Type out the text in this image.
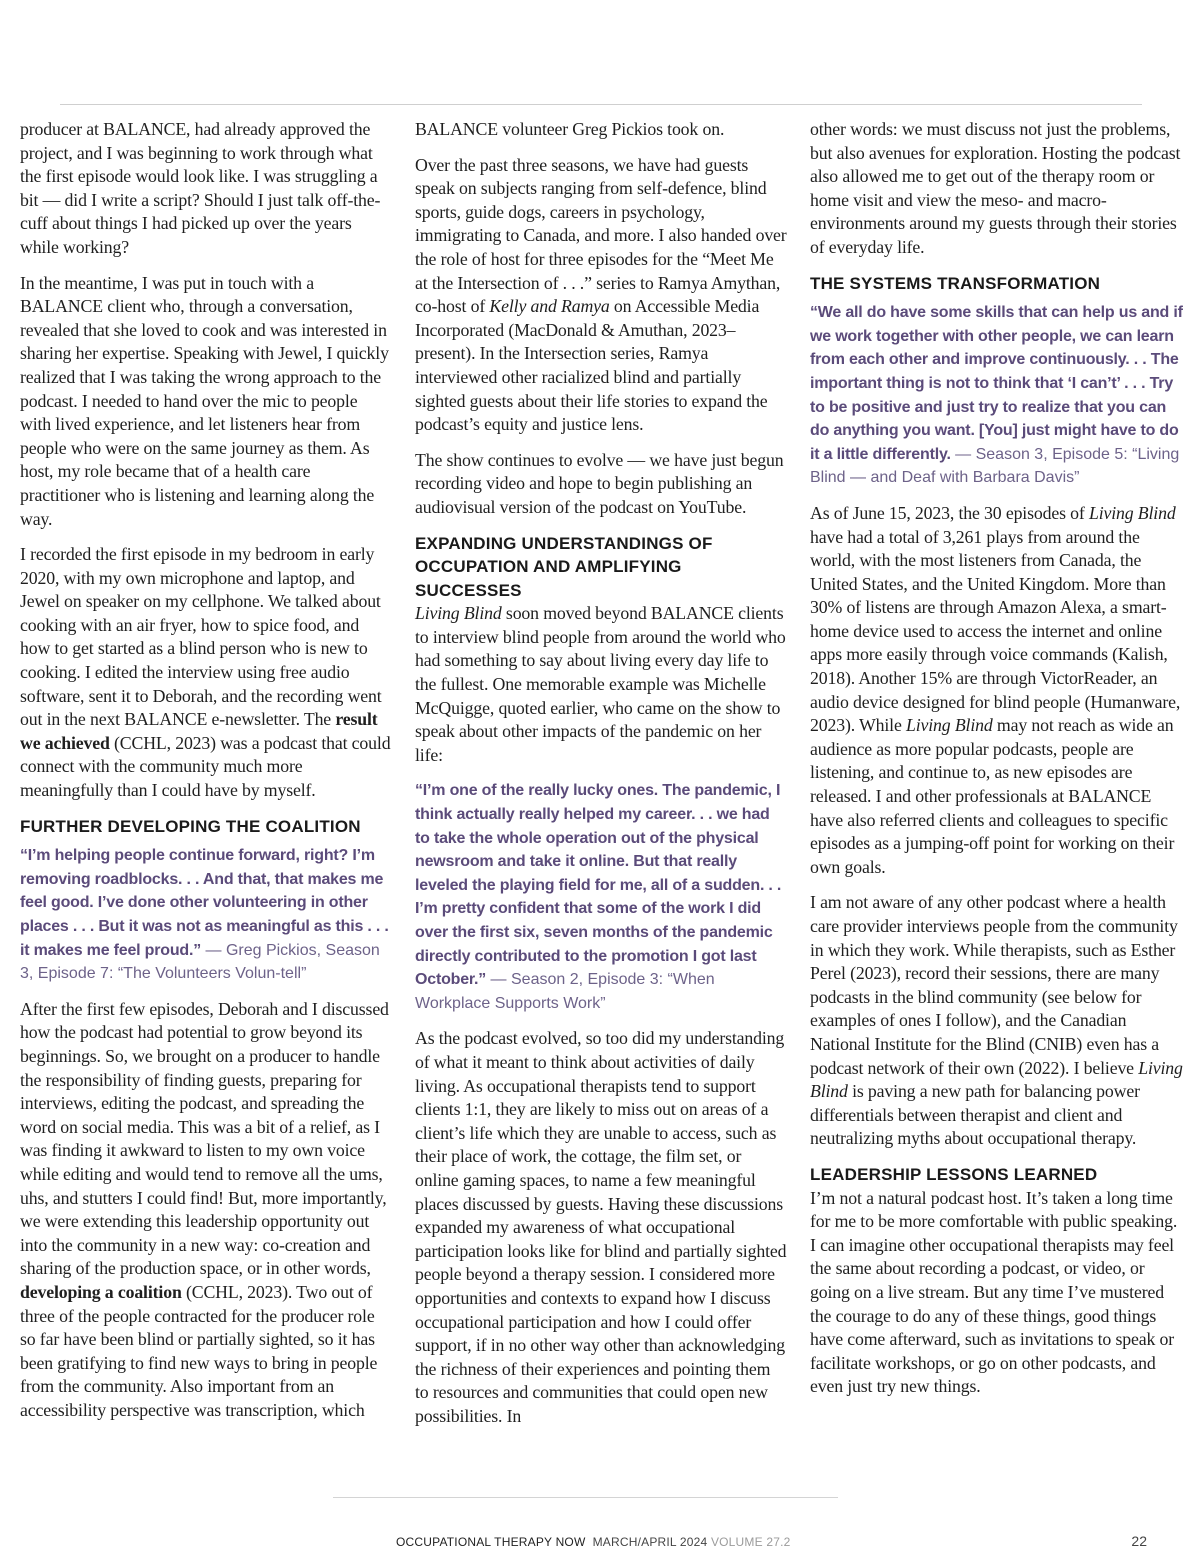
producer at BALANCE, had already approved the project, and I was beginning to work through what the first episode would look like. I was struggling a bit — did I write a script? Should I just talk off-the-cuff about things I had picked up over the years while working?

In the meantime, I was put in touch with a BALANCE client who, through a conversation, revealed that she loved to cook and was interested in sharing her expertise. Speaking with Jewel, I quickly realized that I was taking the wrong approach to the podcast. I needed to hand over the mic to people with lived experience, and let listeners hear from people who were on the same journey as them. As host, my role became that of a health care practitioner who is listening and learning along the way.

I recorded the first episode in my bedroom in early 2020, with my own microphone and laptop, and Jewel on speaker on my cellphone. We talked about cooking with an air fryer, how to spice food, and how to get started as a blind person who is new to cooking. I edited the interview using free audio software, sent it to Deborah, and the recording went out in the next BALANCE e-newsletter. The result we achieved (CCHL, 2023) was a podcast that could connect with the community much more meaningfully than I could have by myself.

FURTHER DEVELOPING THE COALITION
“I’m helping people continue forward, right? I’m removing roadblocks. . . And that, that makes me feel good. I’ve done other volunteering in other places . . . But it was not as meaningful as this . . . it makes me feel proud.” — Greg Pickios, Season 3, Episode 7: “The Volunteers Volun-tell”

After the first few episodes, Deborah and I discussed how the podcast had potential to grow beyond its beginnings. So, we brought on a producer to handle the responsibility of finding guests, preparing for interviews, editing the podcast, and spreading the word on social media. This was a bit of a relief, as I was finding it awkward to listen to my own voice while editing and would tend to remove all the ums, uhs, and stutters I could find! But, more importantly, we were extending this leadership opportunity out into the community in a new way: co-creation and sharing of the production space, or in other words, developing a coalition (CCHL, 2023). Two out of three of the people contracted for the producer role so far have been blind or partially sighted, so it has been gratifying to find new ways to bring in people from the community. Also important from an accessibility perspective was transcription, which

BALANCE volunteer Greg Pickios took on.

Over the past three seasons, we have had guests speak on subjects ranging from self-defence, blind sports, guide dogs, careers in psychology, immigrating to Canada, and more. I also handed over the role of host for three episodes for the “Meet Me at the Intersection of . . .” series to Ramya Amythan, co-host of Kelly and Ramya on Accessible Media Incorporated (MacDonald & Amuthan, 2023–present). In the Intersection series, Ramya interviewed other racialized blind and partially sighted guests about their life stories to expand the podcast’s equity and justice lens.

The show continues to evolve — we have just begun recording video and hope to begin publishing an audiovisual version of the podcast on YouTube.

EXPANDING UNDERSTANDINGS OF
OCCUPATION AND AMPLIFYING
SUCCESSES

Living Blind soon moved beyond BALANCE clients to interview blind people from around the world who had something to say about living every day life to the fullest. One memorable example was Michelle McQuigge, quoted earlier, who came on the show to speak about other impacts of the pandemic on her life:

“I’m one of the really lucky ones. The pandemic, I think actually really helped my career. . . we had to take the whole operation out of the physical newsroom and take it online. But that really leveled the playing field for me, all of a sudden. . . I’m pretty confident that some of the work I did over the first six, seven months of the pandemic directly contributed to the promotion I got last October.” — Season 2, Episode 3: “When Workplace Supports Work”

As the podcast evolved, so too did my understanding of what it meant to think about activities of daily living. As occupational therapists tend to support clients 1:1, they are likely to miss out on areas of a client’s life which they are unable to access, such as their place of work, the cottage, the film set, or online gaming spaces, to name a few meaningful places discussed by guests. Having these discussions expanded my awareness of what occupational participation looks like for blind and partially sighted people beyond a therapy session. I considered more opportunities and contexts to expand how I discuss occupational participation and how I could offer support, if in no other way other than acknowledging the richness of their experiences and pointing them to resources and communities that could open new possibilities. In

other words: we must discuss not just the problems, but also avenues for exploration. Hosting the podcast also allowed me to get out of the therapy room or home visit and view the meso- and macro-environments around my guests through their stories of everyday life.

THE SYSTEMS TRANSFORMATION
“We all do have some skills that can help us and if we work together with other people, we can learn from each other and improve continuously. . . The important thing is not to think that ‘I can’t’ . . . Try to be positive and just try to realize that you can do anything you want. [You] just might have to do it a little differently. — Season 3, Episode 5: “Living Blind — and Deaf with Barbara Davis”

As of June 15, 2023, the 30 episodes of Living Blind have had a total of 3,261 plays from around the world, with the most listeners from Canada, the United States, and the United Kingdom. More than 30% of listens are through Amazon Alexa, a smart-home device used to access the internet and online apps more easily through voice commands (Kalish, 2018). Another 15% are through VictorReader, an audio device designed for blind people (Humanware, 2023). While Living Blind may not reach as wide an audience as more popular podcasts, people are listening, and continue to, as new episodes are released. I and other professionals at BALANCE have also referred clients and colleagues to specific episodes as a jumping-off point for working on their own goals.

I am not aware of any other podcast where a health care provider interviews people from the community in which they work. While therapists, such as Esther Perel (2023), record their sessions, there are many podcasts in the blind community (see below for examples of ones I follow), and the Canadian National Institute for the Blind (CNIB) even has a podcast network of their own (2022). I believe Living Blind is paving a new path for balancing power differentials between therapist and client and neutralizing myths about occupational therapy.

LEADERSHIP LESSONS LEARNED

I’m not a natural podcast host. It’s taken a long time for me to be more comfortable with public speaking. I can imagine other occupational therapists may feel the same about recording a podcast, or video, or going on a live stream. But any time I’ve mustered the courage to do any of these things, good things have come afterward, such as invitations to speak or facilitate workshops, or go on other podcasts, and even just try new things.

OCCUPATIONAL THERAPY NOW MARCH/APRIL 2024 VOLUME 27.2	22
